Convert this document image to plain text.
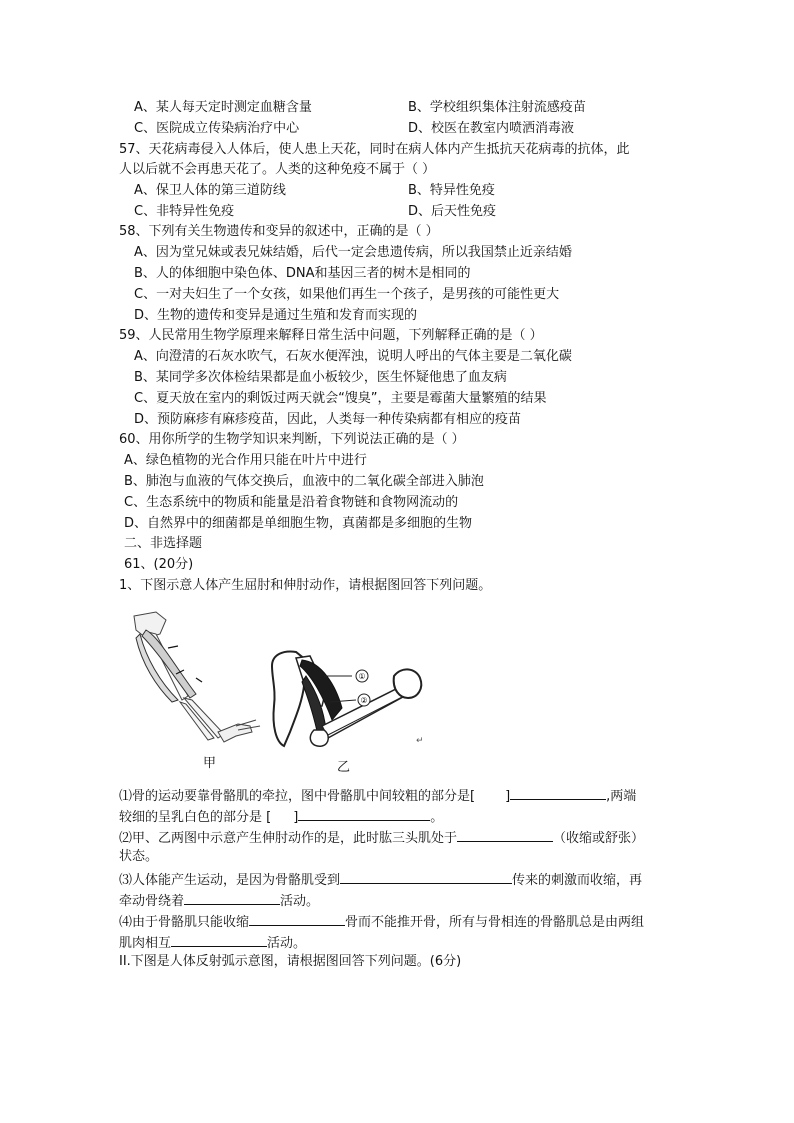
A、某人每天定时测定血糖含量	B、学校组织集体注射流感疫苗
C、医院成立传染病治疗中心	D、校医在教室内喷洒消毒液
57、天花病毒侵入人体后，使人患上天花，同时在病人体内产生抵抗天花病毒的抗体，此
人以后就不会再患天花了。人类的这种免疫不属于（ ）
A、保卫人体的第三道防线	B、特异性免疫
C、非特异性免疫	D、后天性免疫
58、下列有关生物遗传和变异的叙述中，正确的是（ ）
A、因为堂兄妹或表兄妹结婚，后代一定会患遗传病，所以我国禁止近亲结婚
B、人的体细胞中染色体、DNA和基因三者的树木是相同的
C、一对夫妇生了一个女孩，如果他们再生一个孩子，是男孩的可能性更大
D、生物的遗传和变异是通过生殖和发育而实现的
59、人民常用生物学原理来解释日常生活中问题，下列解释正确的是（ ）
A、向澄清的石灰水吹气，石灰水便浑浊，说明人呼出的气体主要是二氧化碳
B、某同学多次体检结果都是血小板较少，医生怀疑他患了血友病
C、夏天放在室内的剩饭过两天就会“馊臭”，主要是霉菌大量繁殖的结果
D、预防麻疹有麻疹疫苗，因此，人类每一种传染病都有相应的疫苗
60、用你所学的生物学知识来判断，下列说法正确的是（ ）
A、绿色植物的光合作用只能在叶片中进行
B、肺泡与血液的气体交换后，血液中的二氧化碳全部进入肺泡
C、生态系统中的物质和能量是沿着食物链和食物网流动的
D、自然界中的细菌都是单细胞生物，真菌都是多细胞的生物
二、非选择题
61、(20分)
1、下图示意人体产生屈肘和伸肘动作，请根据图回答下列问题。
①
②
↵
甲	乙
⑴骨的运动要靠骨骼肌的牵拉，图中骨骼肌中间较粗的部分是[ ]	,两端
较细的呈乳白色的部分是 [ ]	。
⑵甲、乙两图中示意产生伸肘动作的是，此时肱三头肌处于	（收缩或舒张）
状态。
⑶人体能产生运动，是因为骨骼肌受到	传来的刺激而收缩，再
牵动骨绕着	活动。
⑷由于骨骼肌只能收缩	骨而不能推开骨，所有与骨相连的骨骼肌总是由两组
肌肉相互	活动。
II.下图是人体反射弧示意图，请根据图回答下列问题。(6分)
